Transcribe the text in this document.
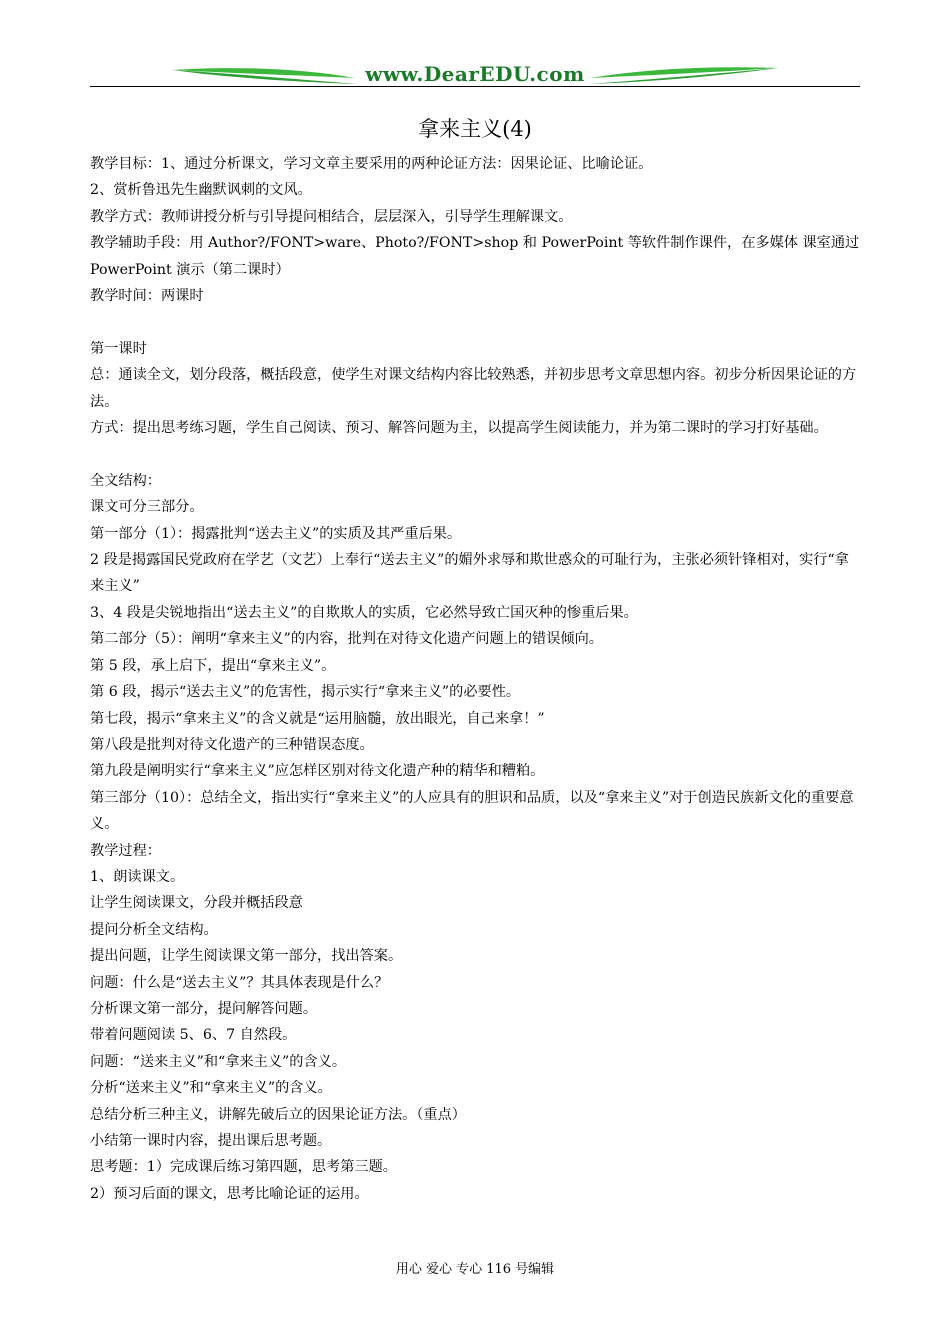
www.DearEDU.com
拿来主义(4)

教学目标：1、通过分析课文，学习文章主要采用的两种论证方法：因果论证、比喻论证。

2、赏析鲁迅先生幽默讽刺的文风。

教学方式：教师讲授分析与引导提问相结合，层层深入，引导学生理解课文。

教学辅助手段：用 Author?/FONT>ware、Photo?/FONT>shop 和 PowerPoint 等软件制作课件，在多媒体 课室通过 PowerPoint 演示（第二课时）

教学时间：两课时

第一课时

总：通读全文，划分段落，概括段意，使学生对课文结构内容比较熟悉，并初步思考文章思想内容。初步分析因果论证的方法。

方式：提出思考练习题，学生自己阅读、预习、解答问题为主，以提高学生阅读能力，并为第二课时的学习打好基础。

全文结构：

课文可分三部分。

第一部分（1）：揭露批判“送去主义”的实质及其严重后果。

2 段是揭露国民党政府在学艺（文艺）上奉行“送去主义”的媚外求辱和欺世惑众的可耻行为，主张必须针锋相对，实行“拿来主义”

3、4 段是尖锐地指出“送去主义”的自欺欺人的实质，它必然导致亡国灭种的惨重后果。

第二部分（5）：阐明“拿来主义”的内容，批判在对待文化遗产问题上的错误倾向。

第 5 段，承上启下，提出“拿来主义”。

第 6 段，揭示“送去主义”的危害性，揭示实行“拿来主义”的必要性。

第七段，揭示“拿来主义”的含义就是“运用脑髓，放出眼光，自己来拿！”

第八段是批判对待文化遗产的三种错误态度。

第九段是阐明实行“拿来主义”应怎样区别对待文化遗产种的精华和糟粕。

第三部分（10）：总结全文，指出实行“拿来主义”的人应具有的胆识和品质，以及“拿来主义”对于创造民族新文化的重要意义。

教学过程：

1、朗读课文。

让学生阅读课文，分段并概括段意

提问分析全文结构。

提出问题，让学生阅读课文第一部分，找出答案。

问题：什么是“送去主义”？其具体表现是什么？

分析课文第一部分，提问解答问题。

带着问题阅读 5、6、7 自然段。

问题：“送来主义”和“拿来主义”的含义。

分析“送来主义”和“拿来主义”的含义。

总结分析三种主义，讲解先破后立的因果论证方法。（重点）

小结第一课时内容，提出课后思考题。

思考题：1）完成课后练习第四题，思考第三题。

2）预习后面的课文，思考比喻论证的运用。

用心 爱心 专心 116 号编辑
